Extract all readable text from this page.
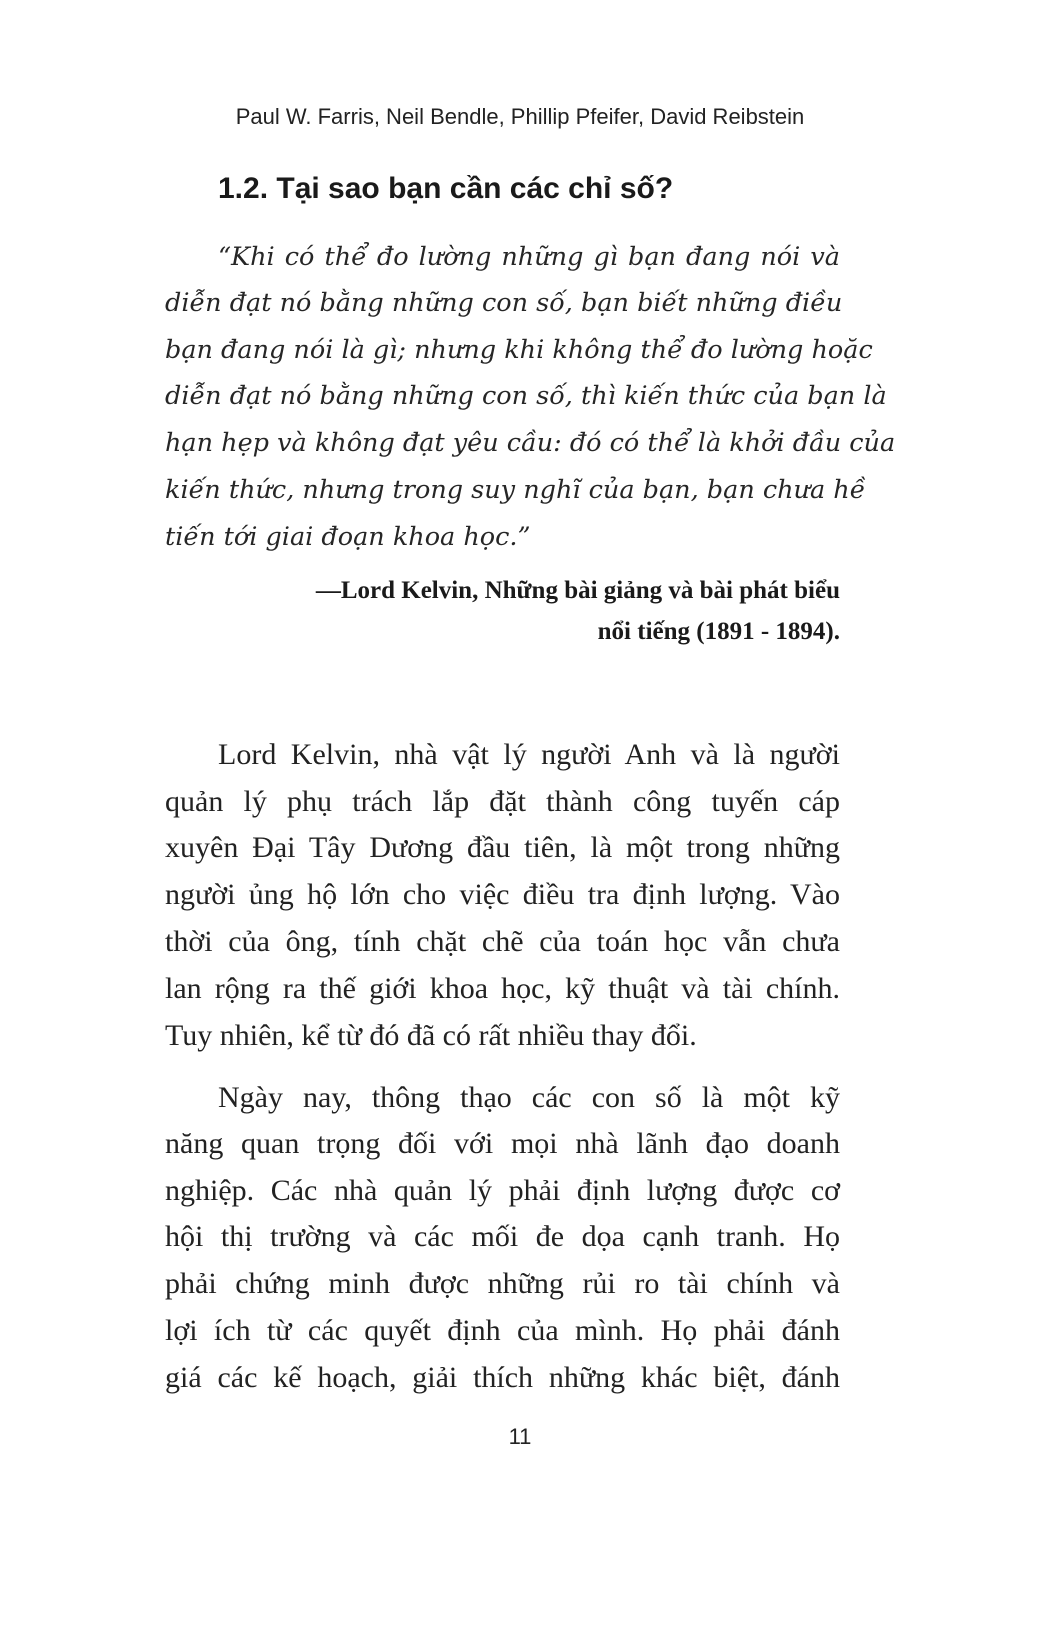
Paul W. Farris, Neil Bendle, Phillip Pfeifer, David Reibstein
1.2. Tại sao bạn cần các chỉ số?
“Khi có thể đo lường những gì bạn đang nói và
diễn đạt nó bằng những con số, bạn biết những điều
bạn đang nói là gì; nhưng khi không thể đo lường hoặc
diễn đạt nó bằng những con số, thì kiến thức của bạn là
hạn hẹp và không đạt yêu cầu: đó có thể là khởi đầu của
kiến thức, nhưng trong suy nghĩ của bạn, bạn chưa hề
tiến tới giai đoạn khoa học.”
—Lord Kelvin, Những bài giảng và bài phát biểu
nổi tiếng (1891 - 1894).
Lord Kelvin, nhà vật lý người Anh và là người
quản lý phụ trách lắp đặt thành công tuyến cáp
xuyên Đại Tây Dương đầu tiên, là một trong những
người ủng hộ lớn cho việc điều tra định lượng. Vào
thời của ông, tính chặt chẽ của toán học vẫn chưa
lan rộng ra thế giới khoa học, kỹ thuật và tài chính.
Tuy nhiên, kể từ đó đã có rất nhiều thay đổi.
Ngày nay, thông thạo các con số là một kỹ
năng quan trọng đối với mọi nhà lãnh đạo doanh
nghiệp. Các nhà quản lý phải định lượng được cơ
hội thị trường và các mối đe dọa cạnh tranh. Họ
phải chứng minh được những rủi ro tài chính và
lợi ích từ các quyết định của mình. Họ phải đánh
giá các kế hoạch, giải thích những khác biệt, đánh
11
